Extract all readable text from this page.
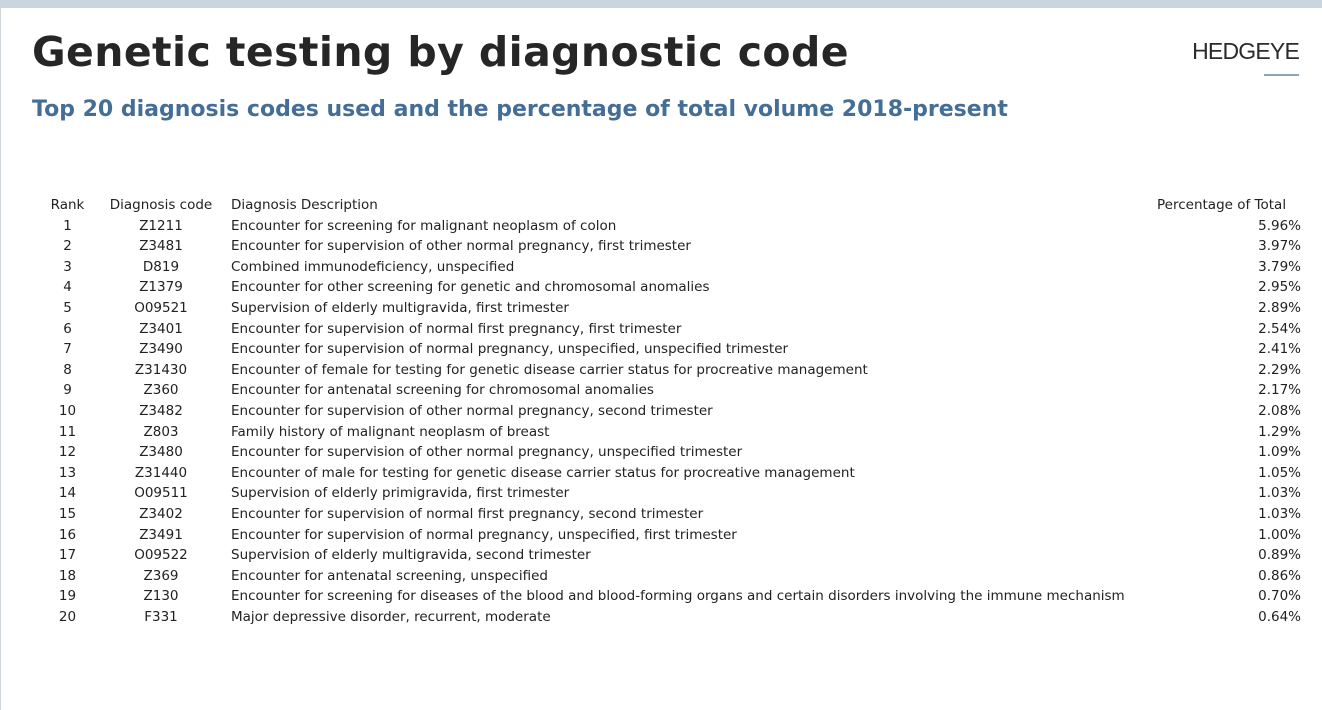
Genetic testing by diagnostic code
Top 20 diagnosis codes used and the percentage of total volume 2018-present
HEDGEYE
Rank	Diagnosis code	Diagnosis Description	Percentage of Total
1	Z1211	Encounter for screening for malignant neoplasm of colon	5.96%
2	Z3481	Encounter for supervision of other normal pregnancy, first trimester	3.97%
3	D819	Combined immunodeficiency, unspecified	3.79%
4	Z1379	Encounter for other screening for genetic and chromosomal anomalies	2.95%
5	O09521	Supervision of elderly multigravida, first trimester	2.89%
6	Z3401	Encounter for supervision of normal first pregnancy, first trimester	2.54%
7	Z3490	Encounter for supervision of normal pregnancy, unspecified, unspecified trimester	2.41%
8	Z31430	Encounter of female for testing for genetic disease carrier status for procreative management	2.29%
9	Z360	Encounter for antenatal screening for chromosomal anomalies	2.17%
10	Z3482	Encounter for supervision of other normal pregnancy, second trimester	2.08%
11	Z803	Family history of malignant neoplasm of breast	1.29%
12	Z3480	Encounter for supervision of other normal pregnancy, unspecified trimester	1.09%
13	Z31440	Encounter of male for testing for genetic disease carrier status for procreative management	1.05%
14	O09511	Supervision of elderly primigravida, first trimester	1.03%
15	Z3402	Encounter for supervision of normal first pregnancy, second trimester	1.03%
16	Z3491	Encounter for supervision of normal pregnancy, unspecified, first trimester	1.00%
17	O09522	Supervision of elderly multigravida, second trimester	0.89%
18	Z369	Encounter for antenatal screening, unspecified	0.86%
19	Z130	Encounter for screening for diseases of the blood and blood-forming organs and certain disorders involving the immune mechanism	0.70%
20	F331	Major depressive disorder, recurrent, moderate	0.64%
